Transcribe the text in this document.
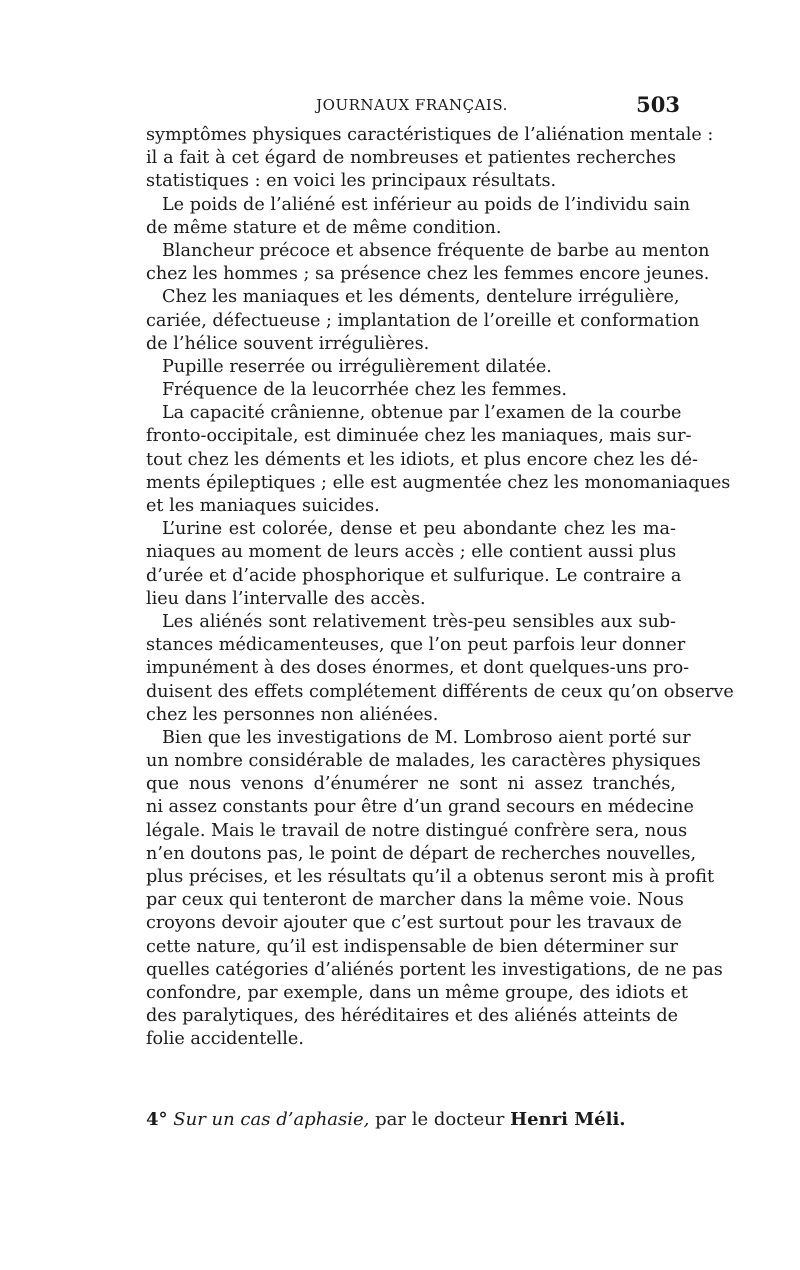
JOURNAUX FRANÇAIS.	503
symptômes physiques caractéristiques de l’aliénation mentale :
il a fait à cet égard de nombreuses et patientes recherches
statistiques : en voici les principaux résultats.
Le poids de l’aliéné est inférieur au poids de l’individu sain
de même stature et de même condition.
Blancheur précoce et absence fréquente de barbe au menton
chez les hommes ; sa présence chez les femmes encore jeunes.
Chez les maniaques et les déments, dentelure irrégulière,
cariée, défectueuse ; implantation de l’oreille et conformation
de l’hélice souvent irrégulières.
Pupille reserrée ou irrégulièrement dilatée.
Fréquence de la leucorrhée chez les femmes.
La capacité crânienne, obtenue par l’examen de la courbe
fronto-occipitale, est diminuée chez les maniaques, mais sur-
tout chez les déments et les idiots, et plus encore chez les dé-
ments épileptiques ; elle est augmentée chez les monomaniaques
et les maniaques suicides.
L’urine est colorée, dense et peu abondante chez les ma-
niaques au moment de leurs accès ; elle contient aussi plus
d’urée et d’acide phosphorique et sulfurique. Le contraire a
lieu dans l’intervalle des accès.
Les aliénés sont relativement très-peu sensibles aux sub-
stances médicamenteuses, que l’on peut parfois leur donner
impunément à des doses énormes, et dont quelques-uns pro-
duisent des effets complétement différents de ceux qu’on observe
chez les personnes non aliénées.
Bien que les investigations de M. Lombroso aient porté sur
un nombre considérable de malades, les caractères physiques
que nous venons d’énumérer ne sont ni assez tranchés,
ni assez constants pour être d’un grand secours en médecine
légale. Mais le travail de notre distingué confrère sera, nous
n’en doutons pas, le point de départ de recherches nouvelles,
plus précises, et les résultats qu’il a obtenus seront mis à profit
par ceux qui tenteront de marcher dans la même voie. Nous
croyons devoir ajouter que c’est surtout pour les travaux de
cette nature, qu’il est indispensable de bien déterminer sur
quelles catégories d’aliénés portent les investigations, de ne pas
confondre, par exemple, dans un même groupe, des idiots et
des paralytiques, des héréditaires et des aliénés atteints de
folie accidentelle.
4° Sur un cas d’aphasie, par le docteur Henri Méli.
